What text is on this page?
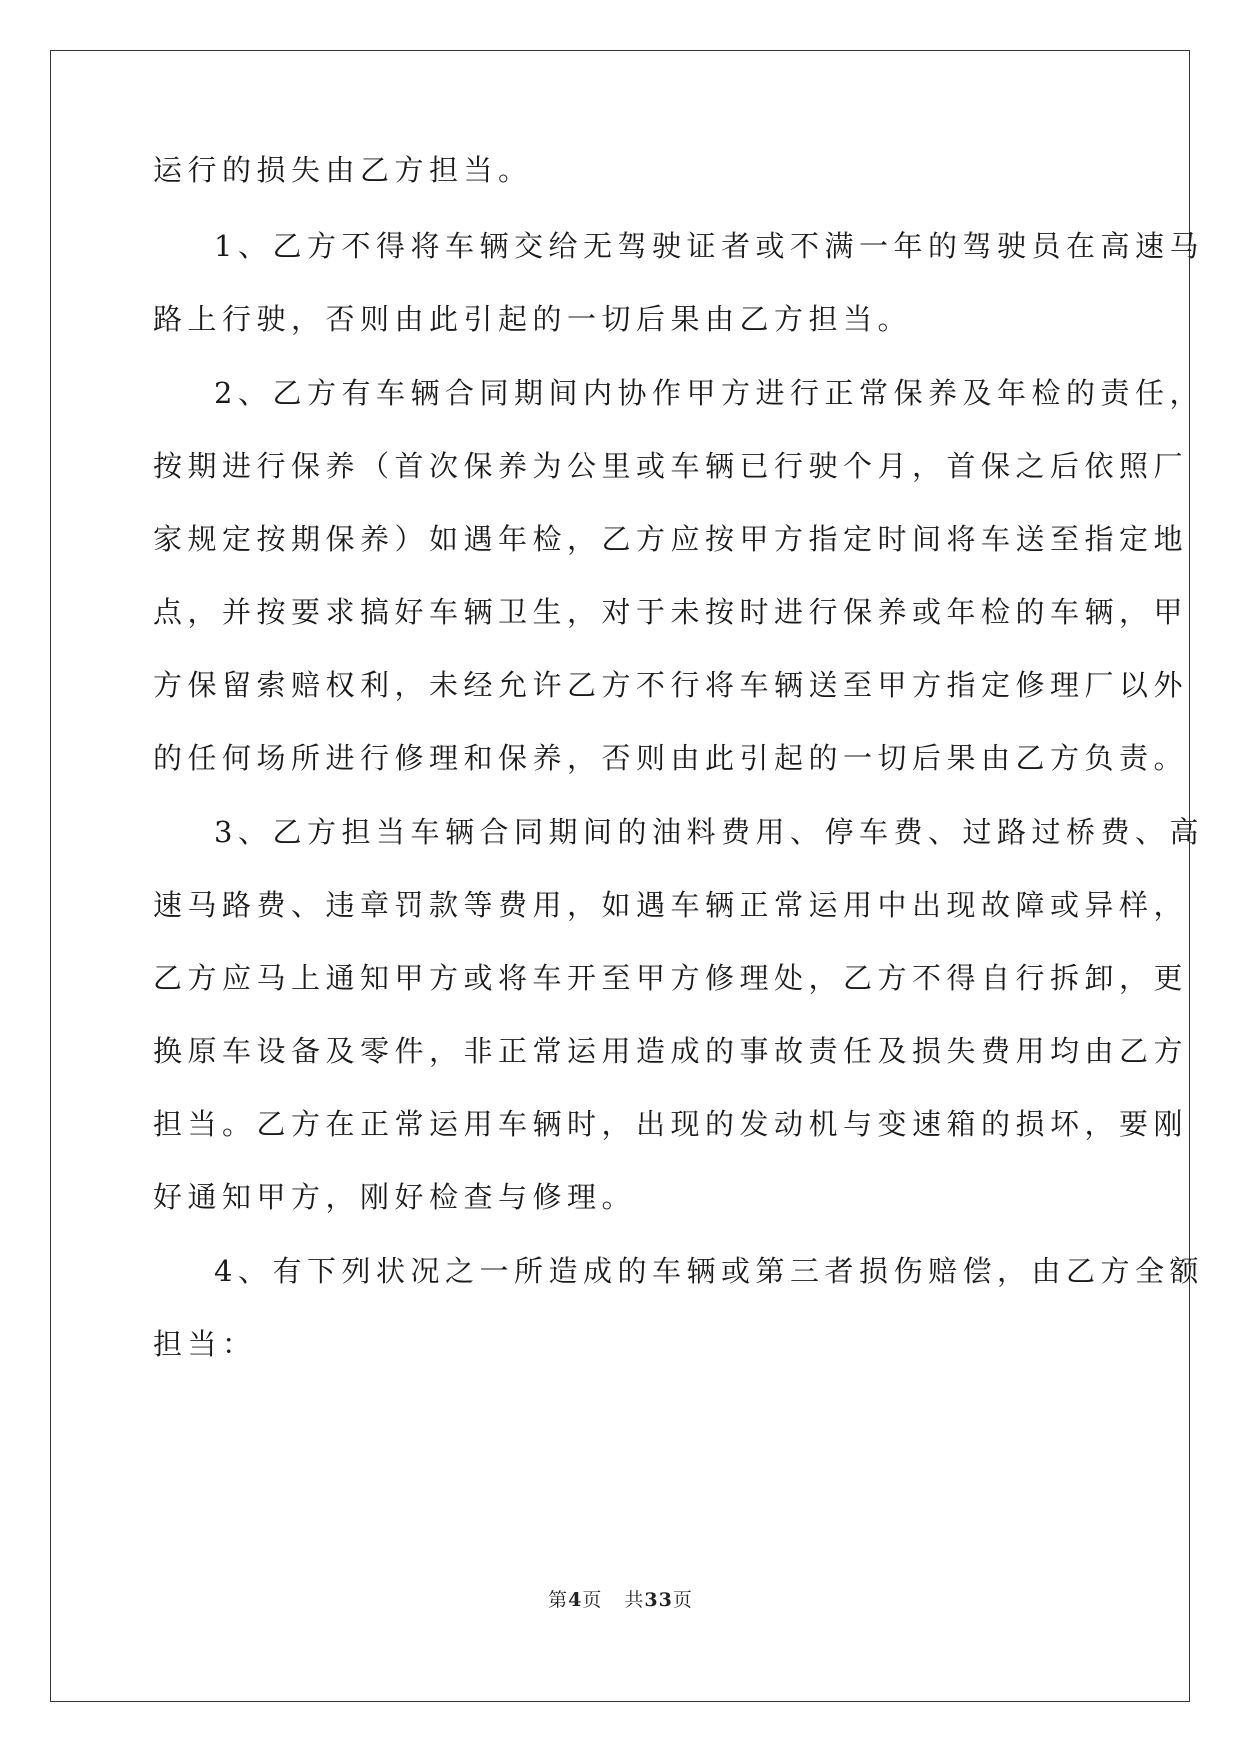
运行的损失由乙方担当。
1、乙方不得将车辆交给无驾驶证者或不满一年的驾驶员在高速马
路上行驶，否则由此引起的一切后果由乙方担当。
2、乙方有车辆合同期间内协作甲方进行正常保养及年检的责任，
按期进行保养（首次保养为公里或车辆已行驶个月，首保之后依照厂
家规定按期保养）如遇年检，乙方应按甲方指定时间将车送至指定地
点，并按要求搞好车辆卫生，对于未按时进行保养或年检的车辆，甲
方保留索赔权利，未经允许乙方不行将车辆送至甲方指定修理厂以外
的任何场所进行修理和保养，否则由此引起的一切后果由乙方负责。
3、乙方担当车辆合同期间的油料费用、停车费、过路过桥费、高
速马路费、违章罚款等费用，如遇车辆正常运用中出现故障或异样，
乙方应马上通知甲方或将车开至甲方修理处，乙方不得自行拆卸，更
换原车设备及零件，非正常运用造成的事故责任及损失费用均由乙方
担当。乙方在正常运用车辆时，出现的发动机与变速箱的损坏，要刚
好通知甲方，刚好检查与修理。
4、有下列状况之一所造成的车辆或第三者损伤赔偿，由乙方全额
担当：
第4页 共33页
